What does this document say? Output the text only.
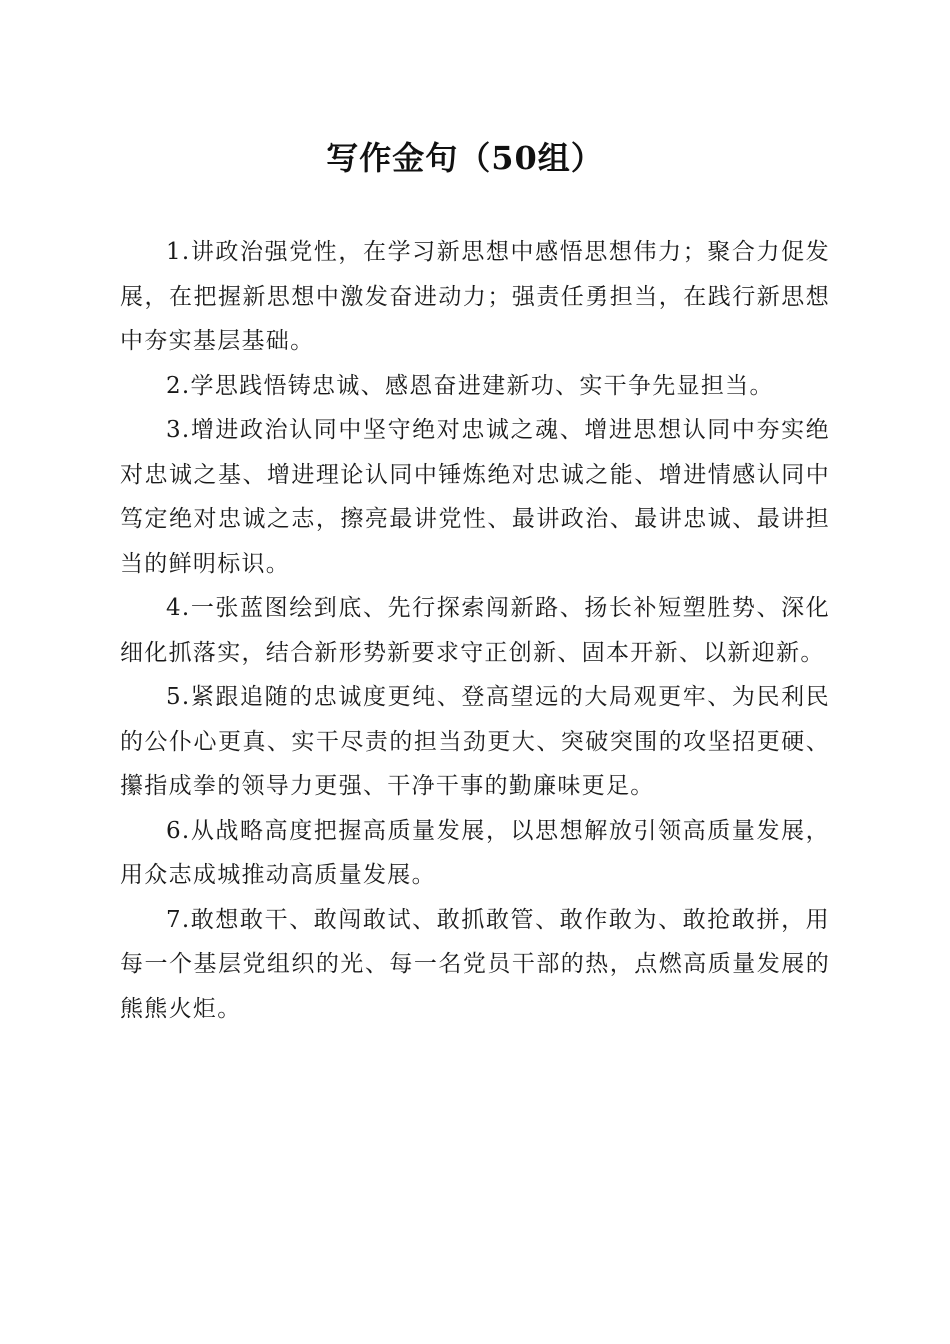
写作金句（50组）

1.讲政治强党性，在学习新思想中感悟思想伟力；聚合力促发展，在把握新思想中激发奋进动力；强责任勇担当，在践行新思想中夯实基层基础。

2.学思践悟铸忠诚、感恩奋进建新功、实干争先显担当。

3.增进政治认同中坚守绝对忠诚之魂、增进思想认同中夯实绝对忠诚之基、增进理论认同中锤炼绝对忠诚之能、增进情感认同中笃定绝对忠诚之志，擦亮最讲党性、最讲政治、最讲忠诚、最讲担当的鲜明标识。

4.一张蓝图绘到底、先行探索闯新路、扬长补短塑胜势、深化细化抓落实，结合新形势新要求守正创新、固本开新、以新迎新。

5.紧跟追随的忠诚度更纯、登高望远的大局观更牢、为民利民的公仆心更真、实干尽责的担当劲更大、突破突围的攻坚招更硬、攥指成拳的领导力更强、干净干事的勤廉味更足。

6.从战略高度把握高质量发展，以思想解放引领高质量发展，用众志成城推动高质量发展。

7.敢想敢干、敢闯敢试、敢抓敢管、敢作敢为、敢抢敢拼，用每一个基层党组织的光、每一名党员干部的热，点燃高质量发展的熊熊火炬。
